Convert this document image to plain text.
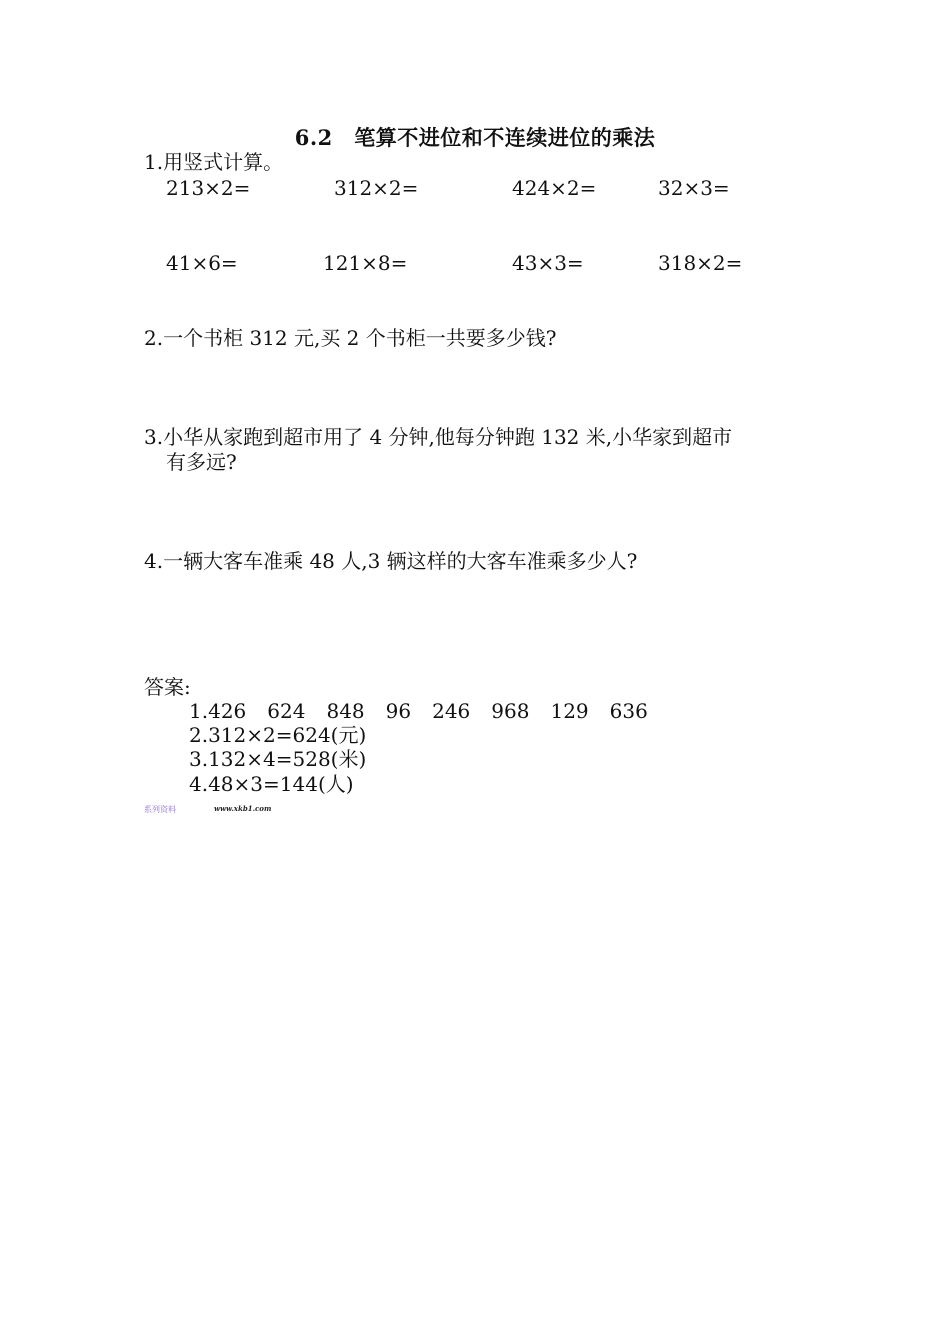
6.2　笔算不进位和不连续进位的乘法
1.用竖式计算。
213×2=	312×2=	424×2=	32×3=
41×6=	121×8=	43×3=	318×2=
2.一个书柜 312 元,买 2 个书柜一共要多少钱?
3.小华从家跑到超市用了 4 分钟,他每分钟跑 132 米,小华家到超市
有多远?
4.一辆大客车准乘 48 人,3 辆这样的大客车准乘多少人?
答案:
1.426 624 848 96 246 968 129 636
2.312×2=624(元)
3.132×4=528(米)
4.48×3=144(人)
系列资料	www.xkb1.com
